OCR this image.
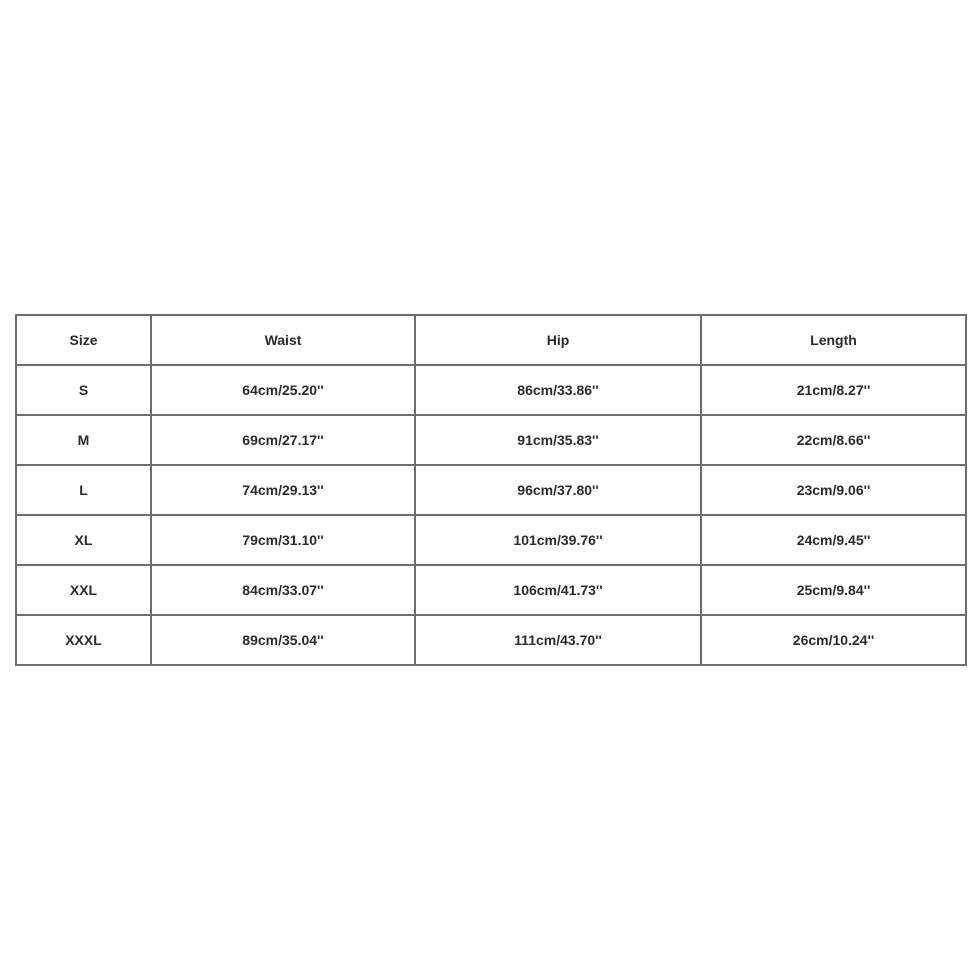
Size	Waist	Hip	Length
S	64cm/25.20''	86cm/33.86''	21cm/8.27''
M	69cm/27.17''	91cm/35.83''	22cm/8.66''
L	74cm/29.13''	96cm/37.80''	23cm/9.06''
XL	79cm/31.10''	101cm/39.76''	24cm/9.45''
XXL	84cm/33.07''	106cm/41.73''	25cm/9.84''
XXXL	89cm/35.04''	111cm/43.70''	26cm/10.24''
